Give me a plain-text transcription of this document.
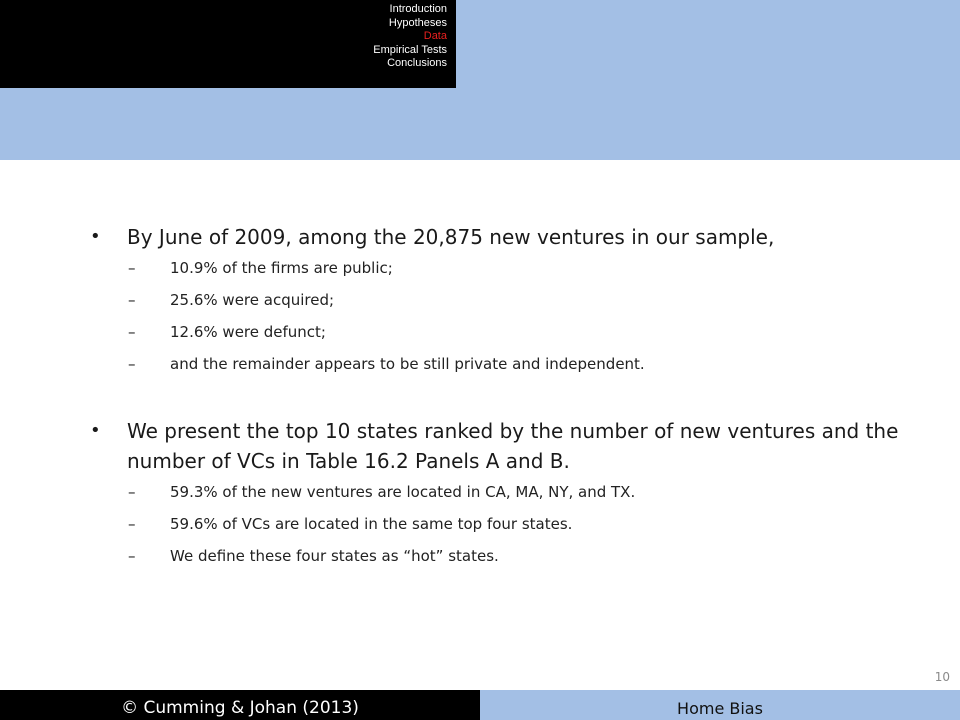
Introduction
Hypotheses
Data
Empirical Tests
Conclusions
• By June of 2009, among the 20,875 new ventures in our sample,
– 10.9% of the firms are public;
– 25.6% were acquired;
– 12.6% were defunct;
– and the remainder appears to be still private and independent.
• We present the top 10 states ranked by the number of new ventures and the number of VCs in Table 16.2 Panels A and B.
– 59.3% of the new ventures are located in CA, MA, NY, and TX.
– 59.6% of VCs are located in the same top four states.
– We define these four states as “hot” states.
10
© Cumming & Johan (2013)	Home Bias
